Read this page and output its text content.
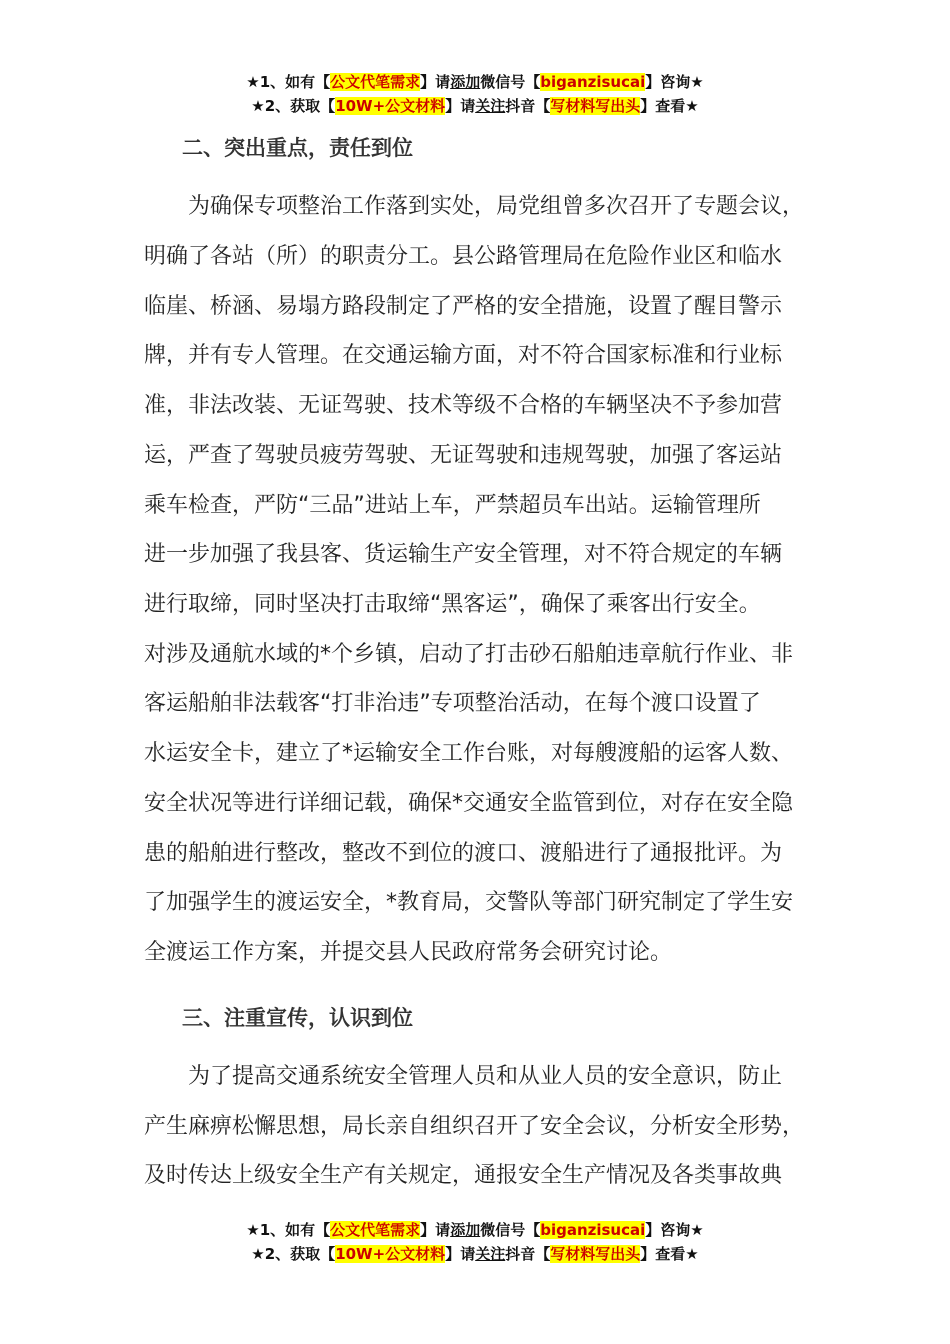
★1、如有【公文代笔需求】请添加微信号【biganzisucai】咨询★
★2、获取【10W+公文材料】请关注抖音【写材料写出头】查看★
二、突出重点，责任到位
　　为确保专项整治工作落到实处，局党组曾多次召开了专题会议，
明确了各站（所）的职责分工。县公路管理局在危险作业区和临水
临崖、桥涵、易塌方路段制定了严格的安全措施，设置了醒目警示
牌，并有专人管理。在交通运输方面，对不符合国家标准和行业标
准，非法改装、无证驾驶、技术等级不合格的车辆坚决不予参加营
运，严查了驾驶员疲劳驾驶、无证驾驶和违规驾驶，加强了客运站
乘车检查，严防“三品”进站上车，严禁超员车出站。运输管理所
进一步加强了我县客、货运输生产安全管理，对不符合规定的车辆
进行取缔，同时坚决打击取缔“黑客运”，确保了乘客出行安全。
对涉及通航水域的*个乡镇，启动了打击砂石船舶违章航行作业、非
客运船舶非法载客“打非治违”专项整治活动，在每个渡口设置了
水运安全卡，建立了*运输安全工作台账，对每艘渡船的运客人数、
安全状况等进行详细记载，确保*交通安全监管到位，对存在安全隐
患的船舶进行整改，整改不到位的渡口、渡船进行了通报批评。为
了加强学生的渡运安全，*教育局，交警队等部门研究制定了学生安
全渡运工作方案，并提交县人民政府常务会研究讨论。
三、注重宣传，认识到位
　　为了提高交通系统安全管理人员和从业人员的安全意识，防止
产生麻痹松懈思想，局长亲自组织召开了安全会议，分析安全形势，
及时传达上级安全生产有关规定，通报安全生产情况及各类事故典
★1、如有【公文代笔需求】请添加微信号【biganzisucai】咨询★
★2、获取【10W+公文材料】请关注抖音【写材料写出头】查看★
